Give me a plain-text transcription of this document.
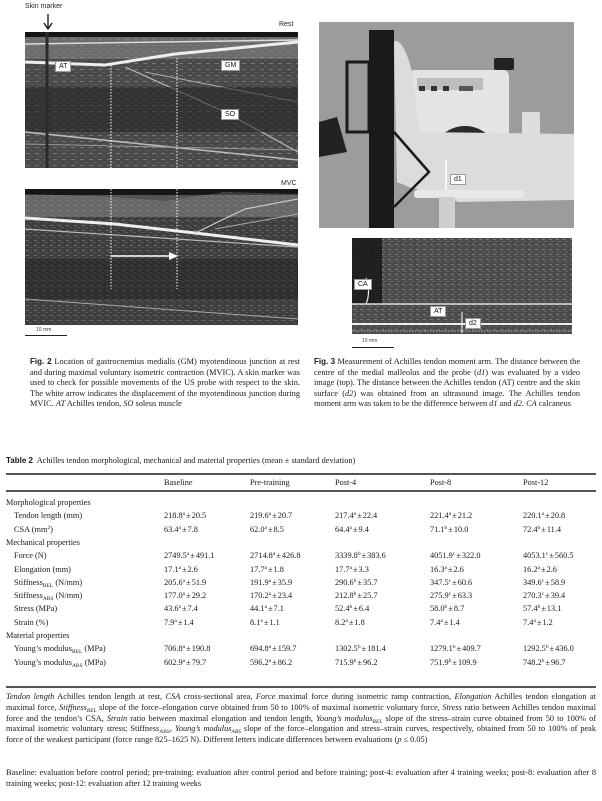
Skin marker
Rest
AT	GM
SO
MVC
10 mm
d1
CA
AT
d2
10 mm
Fig. 2 Location of gastrocnemius medialis (GM) myotendinous junction at rest and during maximal voluntary isometric contraction (MVIC). A skin marker was used to check for possible movements of the US probe with respect to the skin. The white arrow indicates the displacement of the myotendinous junction during MVIC. AT Achilles tendon, SO soleus muscle
Fig. 3 Measurement of Achilles tendon moment arm. The distance between the centre of the medial malleolus and the probe (d1) was evaluated by a video image (top). The distance between the Achilles tendon (AT) centre and the skin surface (d2) was obtained from an ultrasound image. The Achilles tendon moment arm was taken to be the difference between d1 and d2. CA calcaneus
Table 2 Achilles tendon morphological, mechanical and material properties (mean ± standard deviation)
Baseline	Pre-training	Post-4	Post-8	Post-12
Morphological properties
Tendon length (mm)	218.8$^a$±20.5	219.6$^a$±20.7	217.4$^a$±22.4	221.4$^a$±21.2	220.1$^a$±20.8
CSA $(mm^2)$	63.4$^a$±7.8	62.0$^a$±8.5	64.4$^a$±9.4	71.1$^b$±10.0	72.4$^b$±11.4
Mechanical properties
Force (N)	2749.5$^a$±491.1	2714.8$^a$±426.8	3339.8$^b$±383.6	4051.9$^c$±322.0	4053.1$^c$±560.5
Elongation (mm)	17.1$^a$±2.6	17.7$^a$±1.8	17.7$^a$±3.3	16.3$^a$±2.6	16.2$^a$±2.6
Stiffness$_{REL}$ (N/mm)	205.6$^a$±51.9	191.9$^a$±35.9	290.6$^b$±35.7	347.5$^c$±60.6	349.6$^c$±58.9
Stiffness$_{ABS}$ (N/mm)	177.0$^a$±29.2	170.2$^a$±23.4	212.8$^b$±25.7	275.9$^c$±63.3	270.3$^c$±39.4
Stress (MPa)	43.6$^a$±7.4	44.1$^a$±7.1	52.4$^b$±6.4	58.0$^b$±8.7	57.4$^b$±13.1
Strain (%)	7.9$^a$±1.4	8.1$^a$±1.1	8.2$^a$±1.8	7.4$^a$±1.4	7.4$^a$±1.2
Material properties
Young’s modulus$_{REL}$ (MPa)	706.8$^a$±190.8	694.8$^a$±159.7	1302.5$^b$±181.4	1279.1$^b$±409.7	1292.5$^b$±436.0
Young’s modulus$_{ABS}$ (MPa)	602.9$^a$±79.7	596.2$^a$±86.2	715.9$^b$±96.2	751.9$^b$±109.9	748.2$^b$±96.7
Tendon length Achilles tendon length at rest, CSA cross-sectional area, Force maximal force during isometric ramp contraction, Elongation Achilles tendon elongation at maximal force, Stiffness$_{REL}$ slope of the force–elongation curve obtained from 50 to 100% of maximal isometric voluntary force, Stress ratio between Achilles tendon maximal force and the tendon’s CSA, Strain ratio between maximal elongation and tendon length, Young’s modulus$_{REL}$ slope of the stress–strain curve obtained from 50 to 100% of maximal isometric voluntary stress; Stiffness$_{ABS}$, Young’s modulus$_{ABS}$ slope of the force–elongation and stress–strain curves, respectively, obtained from 50 to 100% of peak force of the weakest participant (force range 825–1625 N). Different letters indicate differences between evaluations (p ≤ 0.05)
Baseline: evaluation before control period; pre-training: evaluation after control period and before training; post-4: evaluation after 4 training weeks; post-8: evaluation after 8 training weeks; post-12: evaluation after 12 training weeks
